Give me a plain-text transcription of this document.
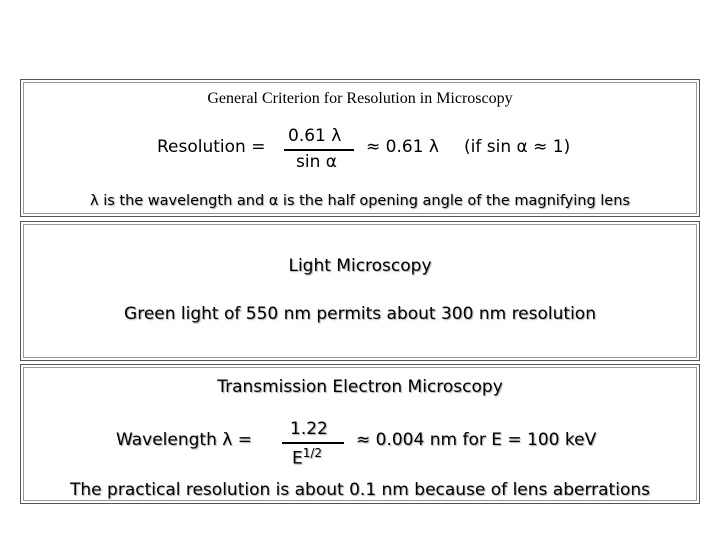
General Criterion for Resolution in Microscopy
Resolution =
0.61 λ
sin α
≈ 0.61 λ (if sin α ≈ 1)
λ is the wavelength and α is the half opening angle of the magnifying lens
Light Microscopy
Green light of 550 nm permits about 300 nm resolution
Transmission Electron Microscopy
Wavelength λ =
1.22
$E^{1/2}$
≈ 0.004 nm for E = 100 keV
The practical resolution is about 0.1 nm because of lens aberrations
